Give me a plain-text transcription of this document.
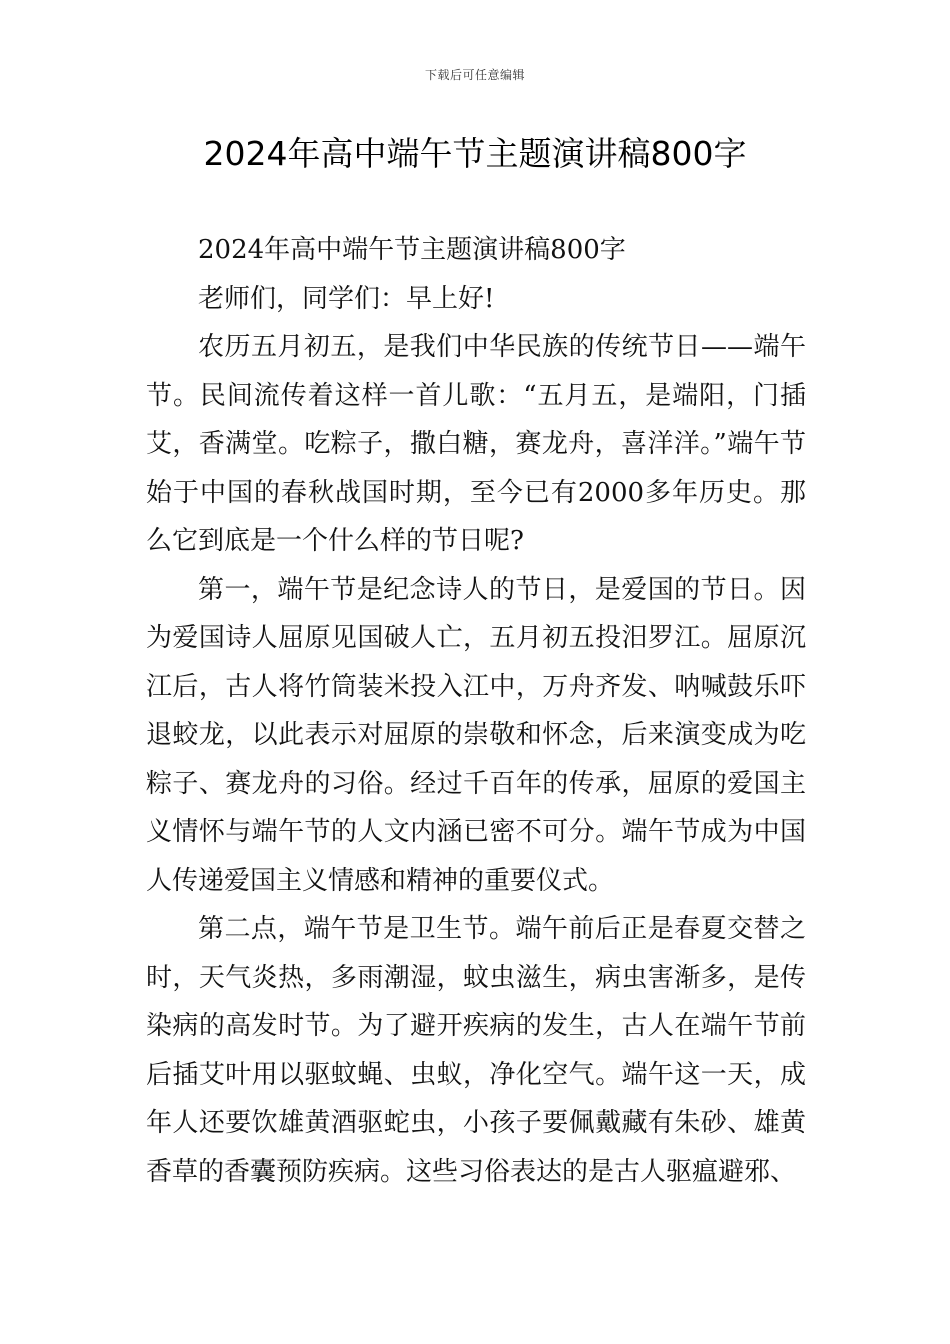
下载后可任意编辑
2024年高中端午节主题演讲稿800字

2024年高中端午节主题演讲稿800字

老师们，同学们：早上好!

农历五月初五，是我们中华民族的传统节日——端午节。民间流传着这样一首儿歌：“五月五，是端阳，门插艾，香满堂。吃粽子，撒白糖，赛龙舟，喜洋洋。”端午节始于中国的春秋战国时期，至今已有2000多年历史。那么它到底是一个什么样的节日呢?

第一，端午节是纪念诗人的节日，是爱国的节日。因为爱国诗人屈原见国破人亡，五月初五投汨罗江。屈原沉江后，古人将竹筒装米投入江中，万舟齐发、呐喊鼓乐吓退蛟龙，以此表示对屈原的崇敬和怀念，后来演变成为吃粽子、赛龙舟的习俗。经过千百年的传承，屈原的爱国主义情怀与端午节的人文内涵已密不可分。端午节成为中国人传递爱国主义情感和精神的重要仪式。

第二点，端午节是卫生节。端午前后正是春夏交替之时，天气炎热，多雨潮湿，蚊虫滋生，病虫害渐多，是传染病的高发时节。为了避开疾病的发生，古人在端午节前后插艾叶用以驱蚊蝇、虫蚁，净化空气。端午这一天，成年人还要饮雄黄酒驱蛇虫，小孩子要佩戴藏有朱砂、雄黄香草的香囊预防疾病。这些习俗表达的是古人驱瘟避邪、
